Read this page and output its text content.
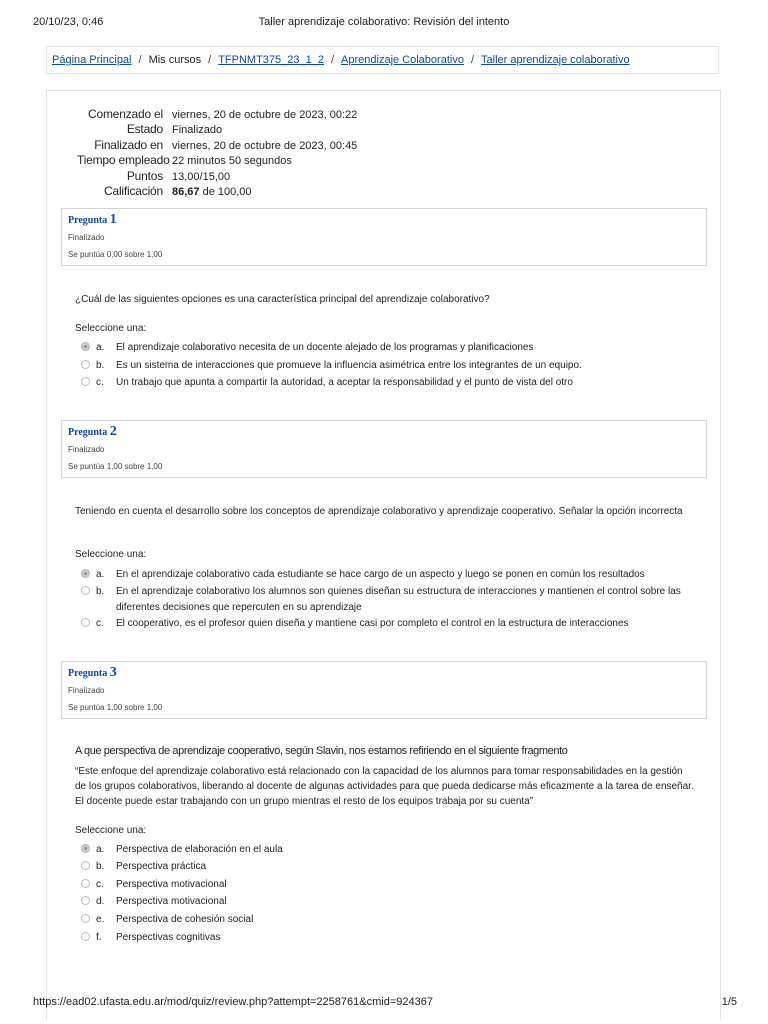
20/10/23, 0:46	Taller aprendizaje colaborativo: Revisión del intento
Página Principal / Mis cursos / TFPNMT375_23_1_2 / Aprendizaje Colaborativo / Taller aprendizaje colaborativo
Comenzado el viernes, 20 de octubre de 2023, 00:22
Estado Finalizado
Finalizado en viernes, 20 de octubre de 2023, 00:45
Tiempo empleado 22 minutos 50 segundos
Puntos 13,00/15,00
Calificación 86,67 de 100,00
Pregunta 1
Finalizado
Se puntúa 0,00 sobre 1,00
¿Cuál de las siguientes opciones es una característica principal del aprendizaje colaborativo?
Seleccione una:
a. El aprendizaje colaborativo necesita de un docente alejado de los programas y planificaciones
b. Es un sistema de interacciones que promueve la influencia asimétrica entre los integrantes de un equipo.
c. Un trabajo que apunta a compartir la autoridad, a aceptar la responsabilidad y el punto de vista del otro
Pregunta 2
Finalizado
Se puntúa 1,00 sobre 1,00
Teniendo en cuenta el desarrollo sobre los conceptos de aprendizaje colaborativo y aprendizaje cooperativo. Señalar la opción incorrecta
Seleccione una:
a. En el aprendizaje colaborativo cada estudiante se hace cargo de un aspecto y luego se ponen en común los resultados
b. En el aprendizaje colaborativo los alumnos son quienes diseñan su estructura de interacciones y mantienen el control sobre las diferentes decisiones que repercuten en su aprendizaje
c. El cooperativo, es el profesor quien diseña y mantiene casi por completo el control en la estructura de interacciones
Pregunta 3
Finalizado
Se puntúa 1,00 sobre 1,00
A que perspectiva de aprendizaje cooperativo, según Slavin, nos estamos refiriendo en el siguiente fragmento
“Este enfoque del aprendizaje colaborativo está relacionado con la capacidad de los alumnos para tomar responsabilidades en la gestión de los grupos colaborativos, liberando al docente de algunas actividades para que pueda dedicarse más eficazmente a la tarea de enseñar. El docente puede estar trabajando con un grupo mientras el resto de los equipos trabaja por su cuenta”
Seleccione una:
a. Perspectiva de elaboración en el aula
b. Perspectiva práctica
c. Perspectiva motivacional
d. Perspectiva motivacional
e. Perspectiva de cohesión social
f. Perspectivas cognitivas
https://ead02.ufasta.edu.ar/mod/quiz/review.php?attempt=2258761&cmid=924367	1/5
